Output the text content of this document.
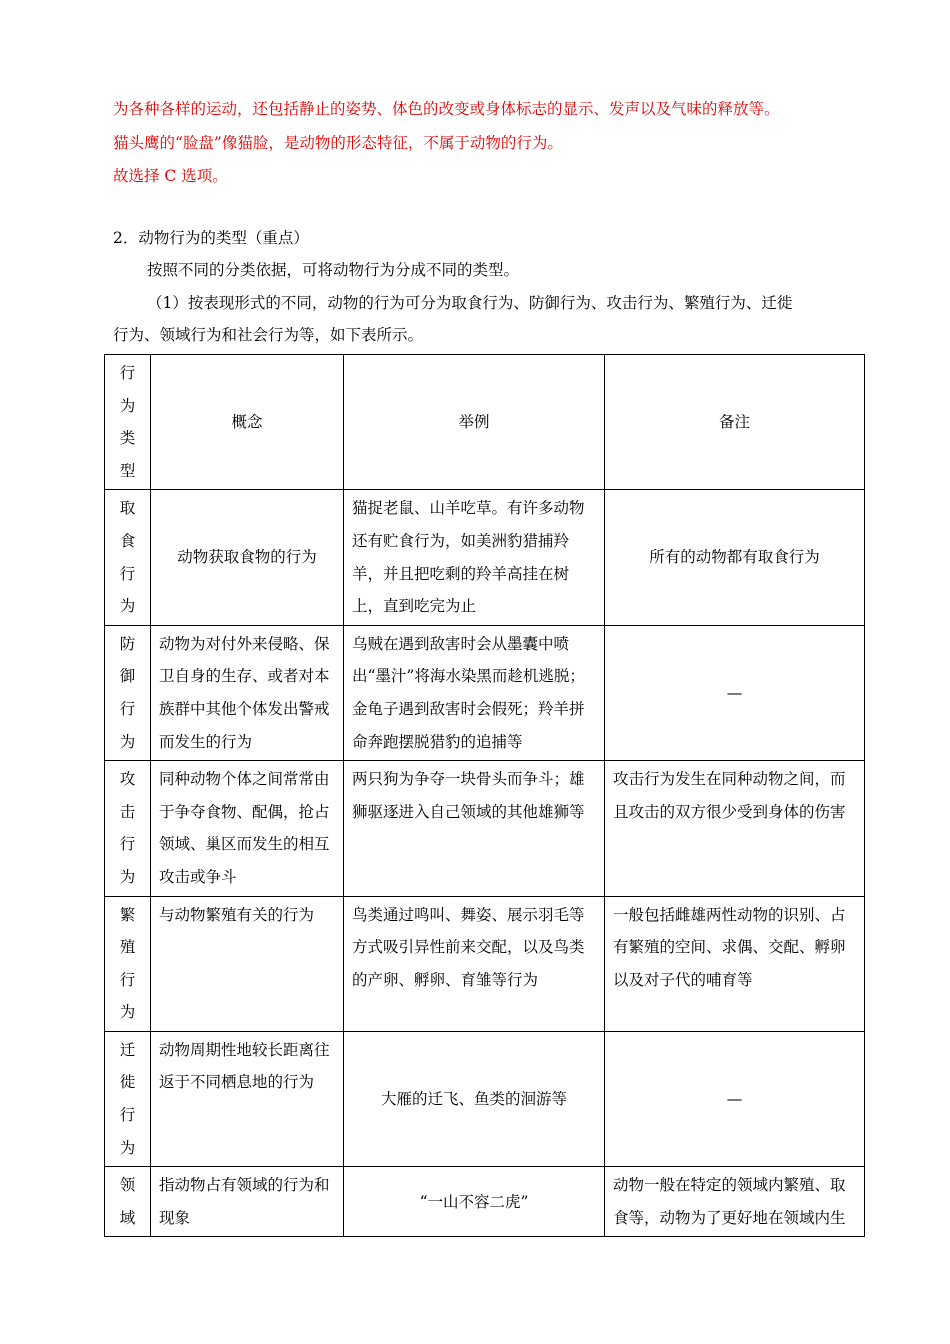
为各种各样的运动，还包括静止的姿势、体色的改变或身体标志的显示、发声以及气味的释放等。
猫头鹰的“脸盘”像猫脸，是动物的形态特征，不属于动物的行为。
故选择 C 选项。
2．动物行为的类型（重点）
按照不同的分类依据，可将动物行为分成不同的类型。
（1）按表现形式的不同，动物的行为可分为取食行为、防御行为、攻击行为、繁殖行为、迁徙
行为、领域行为和社会行为等，如下表所示。
行为类型	概念	举例	备注

取食行为	动物获取食物的行为	猫捉老鼠、山羊吃草。有许多动物还有贮食行为，如美洲豹猎捕羚羊，并且把吃剩的羚羊高挂在树上，直到吃完为止	所有的动物都有取食行为

防御行为	动物为对付外来侵略、保卫自身的生存、或者对本族群中其他个体发出警戒而发生的行为	乌贼在遇到敌害时会从墨囊中喷出“墨汁”将海水染黑而趁机逃脱；金龟子遇到敌害时会假死；羚羊拼命奔跑摆脱猎豹的追捕等	—

攻击行为	同种动物个体之间常常由于争夺食物、配偶，抢占领域、巢区而发生的相互攻击或争斗	两只狗为争夺一块骨头而争斗；雄狮驱逐进入自己领域的其他雄狮等	攻击行为发生在同种动物之间，而且攻击的双方很少受到身体的伤害

繁殖行为	与动物繁殖有关的行为	鸟类通过鸣叫、舞姿、展示羽毛等方式吸引异性前来交配，以及鸟类的产卵、孵卵、育雏等行为	一般包括雌雄两性动物的识别、占有繁殖的空间、求偶、交配、孵卵以及对子代的哺育等

迁徙行为	动物周期性地较长距离往返于不同栖息地的行为	大雁的迁飞、鱼类的洄游等	—

领域	指动物占有领域的行为和现象	“一山不容二虎”	动物一般在特定的领域内繁殖、取食等，动物为了更好地在领域内生
